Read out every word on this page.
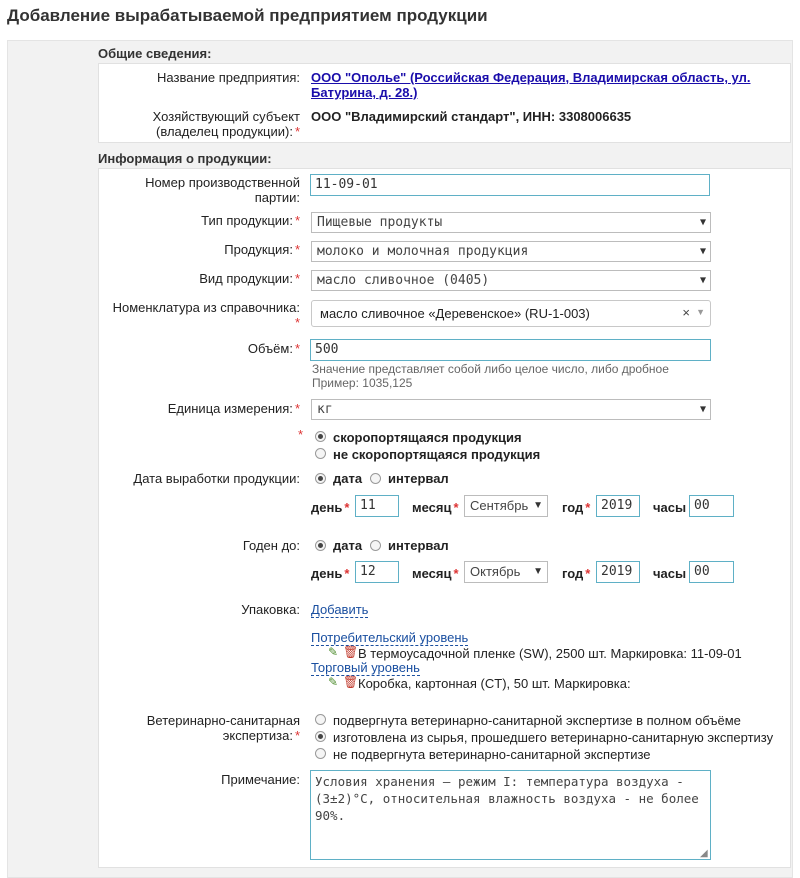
Добавление вырабатываемой предприятием продукции
Общие сведения:
Название предприятия: ООО "Ополье" (Российская Федерация, Владимирская область, ул.
Батурина, д. 28.)
Хозяйствующий субъект
(владелец продукции): *
ООО "Владимирский стандарт", ИНН: 3308006635
Информация о продукции:
Номер производственной
партии:
11-09-01
Тип продукции: *	Пищевые продукты	▼
Продукция: *	молоко и молочная продукция	▼
Вид продукции: *	масло сливочное (0405)	▼
Номенклатура из справочника:
*
масло сливочное «Деревенское» (RU-1-003)	× ▼
Объём: *	500
Значение представляет собой либо целое число, либо дробное
Пример: 1035,125
Единица измерения: *	кг	▼
* скоропортящаяся продукция
не скоропортящаяся продукция
Дата выработки продукции:	дата интервал
день * 11	месяц * Сентябрь ▼ год * 2019	часы 00
Годен до:	дата интервал
день * 12	месяц * Октябрь ▼ год * 2019	часы 00
Упаковка: Добавить
Потребительский уровень
✎ 🗑 В термоусадочной пленке (SW), 2500 шт. Маркировка: 11-09-01
Торговый уровень
✎ 🗑 Коробка, картонная (CT), 50 шт. Маркировка:
Ветеринарно-санитарная
экспертиза: *
подвергнута ветеринарно-санитарной экспертизе в полном объёме
изготовлена из сырья, прошедшего ветеринарно-санитарную экспертизу
не подвергнута ветеринарно-санитарной экспертизе
Примечание:	Условия хранения — режим I: температура воздуха -
(3±2)°С, относительная влажность воздуха - не более 90%.
◢
